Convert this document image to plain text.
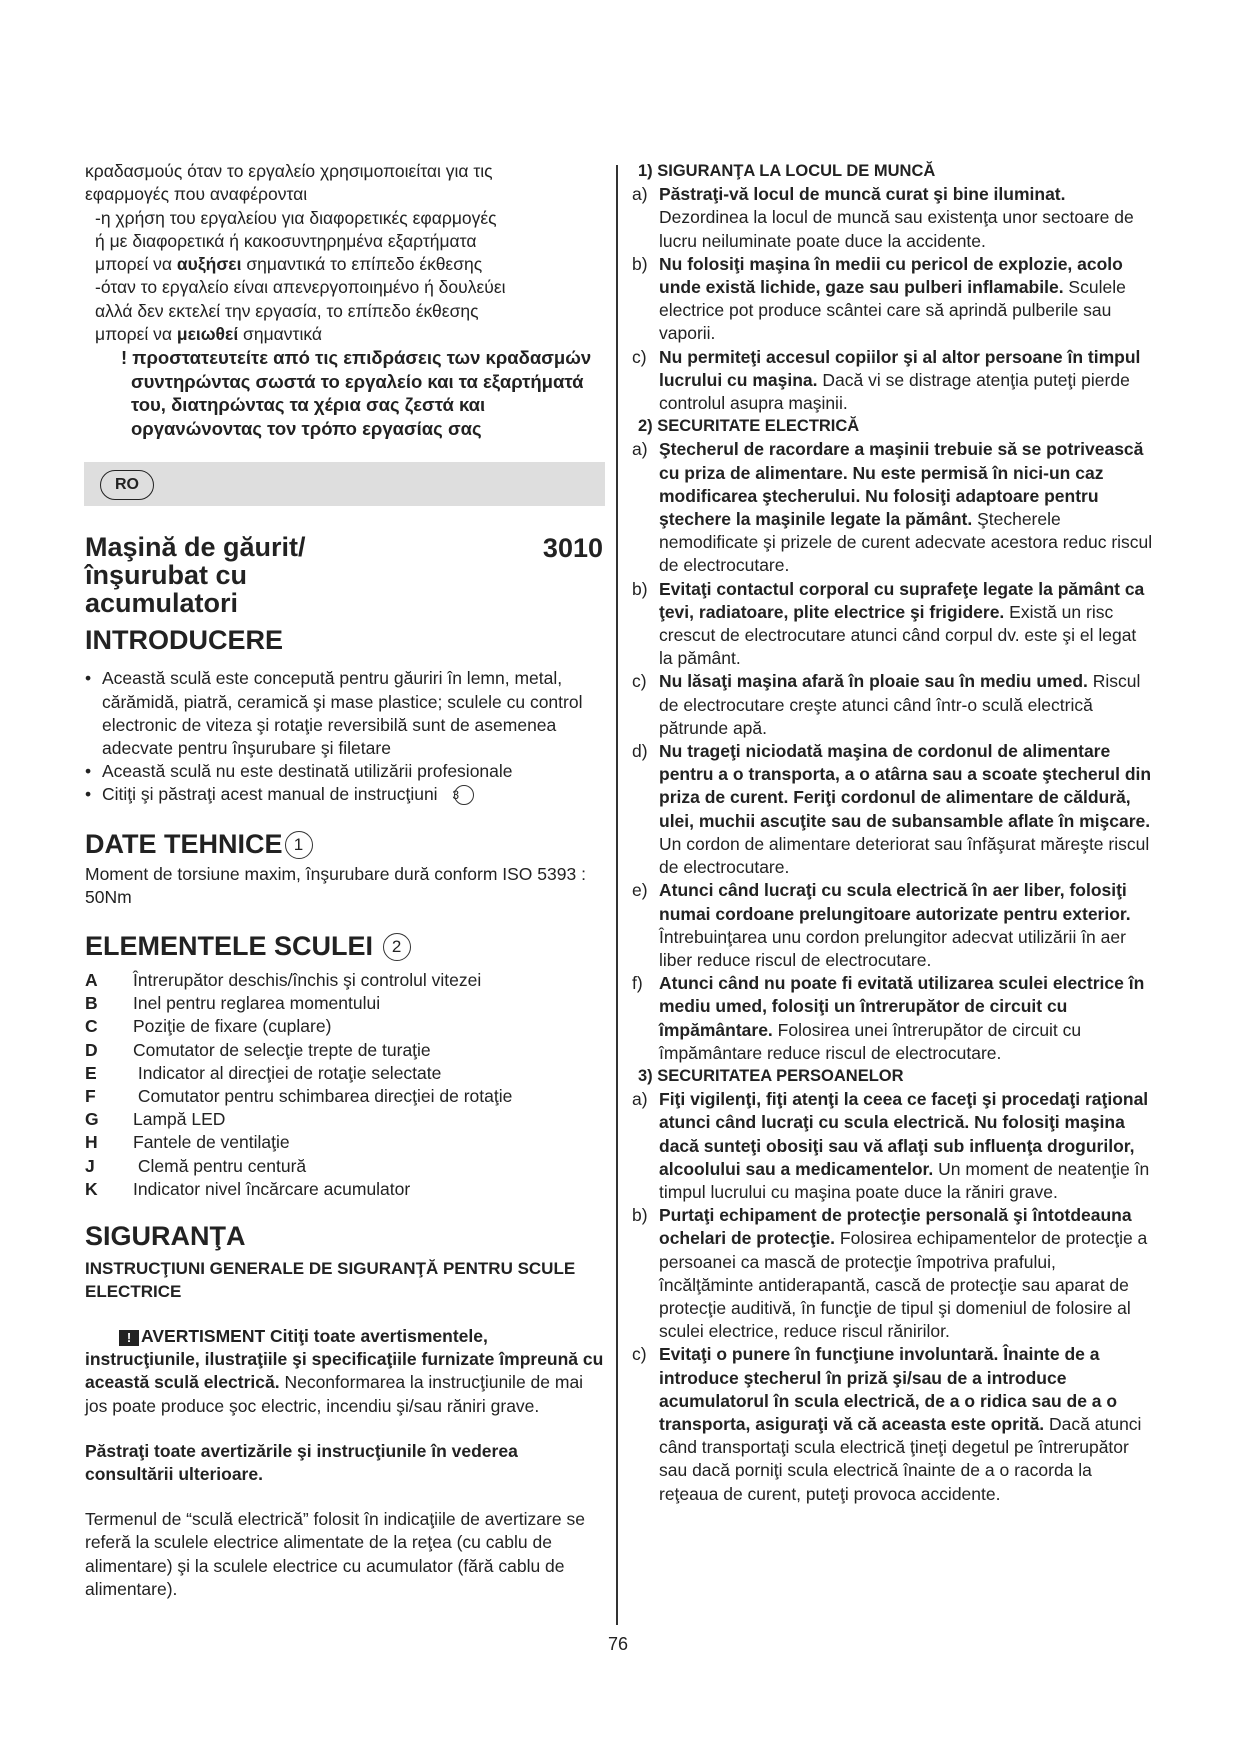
κραδασμούς όταν το εργαλείο χρησιμοποιείται για τις

εφαρμογές που αναφέρονται

-η χρήση του εργαλείου για διαφορετικές εφαρμογές

ή με διαφορετικά ή κακοσυντηρημένα εξαρτήματα

μπορεί να αυξήσει σημαντικά το επίπεδο έκθεσης

-όταν το εργαλείο είναι απενεργοποιημένο ή δουλεύει

αλλά δεν εκτελεί την εργασία, το επίπεδο έκθεσης

μπορεί να μειωθεί σημαντικά

! προστατευτείτε από τις επιδράσεις των κραδασμών συντηρώντας σωστά το εργαλείο και τα εξαρτήματά του, διατηρώντας τα χέρια σας ζεστά και οργανώνοντας τον τρόπο εργασίας σας

RO
Maşină de găurit/
înşurubat cu
acumulatori
3010
INTRODUCERE
• Această sculă este concepută pentru găuriri în lemn, metal, cărămidă, piatră, ceramică şi mase plastice; sculele cu control electronic de viteza şi rotaţie reversibilă sunt de asemenea adecvate pentru înşurubare şi filetare
• Această sculă nu este destinată utilizării profesionale
• Citiţi şi păstraţi acest manual de instrucţiuni 3
DATE TEHNICE 1

Moment de torsiune maxim, înşurubare dură conform ISO 5393 : 50Nm

ELEMENTELE SCULEI 2
A	Întrerupător deschis/închis şi controlul vitezei
B	Inel pentru reglarea momentului
C	Poziţie de fixare (cuplare)
D	Comutator de selecţie trepte de turaţie
E	Indicator al direcţiei de rotaţie selectate
F	Comutator pentru schimbarea direcţiei de rotaţie
G	Lampă LED
H	Fantele de ventilaţie
J	Clemă pentru centură
K	Indicator nivel încărcare acumulator
SIGURANŢA

INSTRUCŢIUNI GENERALE DE SIGURANŢĂ PENTRU SCULE ELECTRICE

! AVERTISMENT Citiţi toate avertismentele, instrucţiunile, ilustraţiile şi specificaţiile furnizate împreună cu această sculă electrică. Neconformarea la instrucţiunile de mai jos poate produce şoc electric, incendiu şi/sau răniri grave.

Păstraţi toate avertizările şi instrucţiunile în vederea consultării ulterioare.

Termenul de “sculă electrică” folosit în indicaţiile de avertizare se referă la sculele electrice alimentate de la reţea (cu cablu de alimentare) şi la sculele electrice cu acumulator (fără cablu de alimentare).

1) SIGURANŢA LA LOCUL DE MUNCĂ

a) Păstraţi-vă locul de muncă curat şi bine iluminat. Dezordinea la locul de muncă sau existenţa unor sectoare de lucru neiluminate poate duce la accidente.
b) Nu folosiţi maşina în medii cu pericol de explozie, acolo unde există lichide, gaze sau pulberi inflamabile. Sculele electrice pot produce scântei care să aprindă pulberile sau vaporii.
c) Nu permiteţi accesul copiilor şi al altor persoane în timpul lucrului cu maşina. Dacă vi se distrage atenţia puteţi pierde controlul asupra maşinii.

2) SECURITATE ELECTRICĂ

a) Ştecherul de racordare a maşinii trebuie să se potrivească cu priza de alimentare. Nu este permisă în nici-un caz modificarea ştecherului. Nu folosiţi adaptoare pentru ştechere la maşinile legate la pământ. Ştecherele nemodificate şi prizele de curent adecvate acestora reduc riscul de electrocutare.
b) Evitaţi contactul corporal cu suprafeţe legate la pământ ca ţevi, radiatoare, plite electrice şi frigidere. Există un risc crescut de electrocutare atunci când corpul dv. este şi el legat la pământ.
c) Nu lăsaţi maşina afară în ploaie sau în mediu umed. Riscul de electrocutare creşte atunci când într-o sculă electrică pătrunde apă.
d) Nu trageţi niciodată maşina de cordonul de alimentare pentru a o transporta, a o atârna sau a scoate ştecherul din priza de curent. Feriţi cordonul de alimentare de căldură, ulei, muchii ascuţite sau de subansamble aflate în mişcare. Un cordon de alimentare deteriorat sau înfăşurat măreşte riscul de electrocutare.
e) Atunci când lucraţi cu scula electrică în aer liber, folosiţi numai cordoane prelungitoare autorizate pentru exterior. Întrebuinţarea unu cordon prelungitor adecvat utilizării în aer liber reduce riscul de electrocutare.
f) Atunci când nu poate fi evitată utilizarea sculei electrice în mediu umed, folosiţi un întrerupător de circuit cu împământare. Folosirea unei întrerupător de circuit cu împământare reduce riscul de electrocutare.

3) SECURITATEA PERSOANELOR

a) Fiţi vigilenţi, fiţi atenţi la ceea ce faceţi şi procedaţi raţional atunci când lucraţi cu scula electrică. Nu folosiţi maşina dacă sunteţi obosiţi sau vă aflaţi sub influenţa drogurilor, alcoolului sau a medicamentelor. Un moment de neatenţie în timpul lucrului cu maşina poate duce la răniri grave.
b) Purtaţi echipament de protecţie personală şi întotdeauna ochelari de protecţie. Folosirea echipamentelor de protecţie a persoanei ca mască de protecţie împotriva prafului, încălţăminte antiderapantă, cască de protecţie sau aparat de protecţie auditivă, în funcţie de tipul şi domeniul de folosire al sculei electrice, reduce riscul rănirilor.
c) Evitaţi o punere în funcţiune involuntară. Înainte de a introduce ştecherul în priză şi/sau de a introduce acumulatorul în scula electrică, de a o ridica sau de a o transporta, asiguraţi vă că aceasta este oprită. Dacă atunci când transportaţi scula electrică ţineţi degetul pe întrerupător sau dacă porniţi scula electrică înainte de a o racorda la reţeaua de curent, puteţi provoca accidente.
76
